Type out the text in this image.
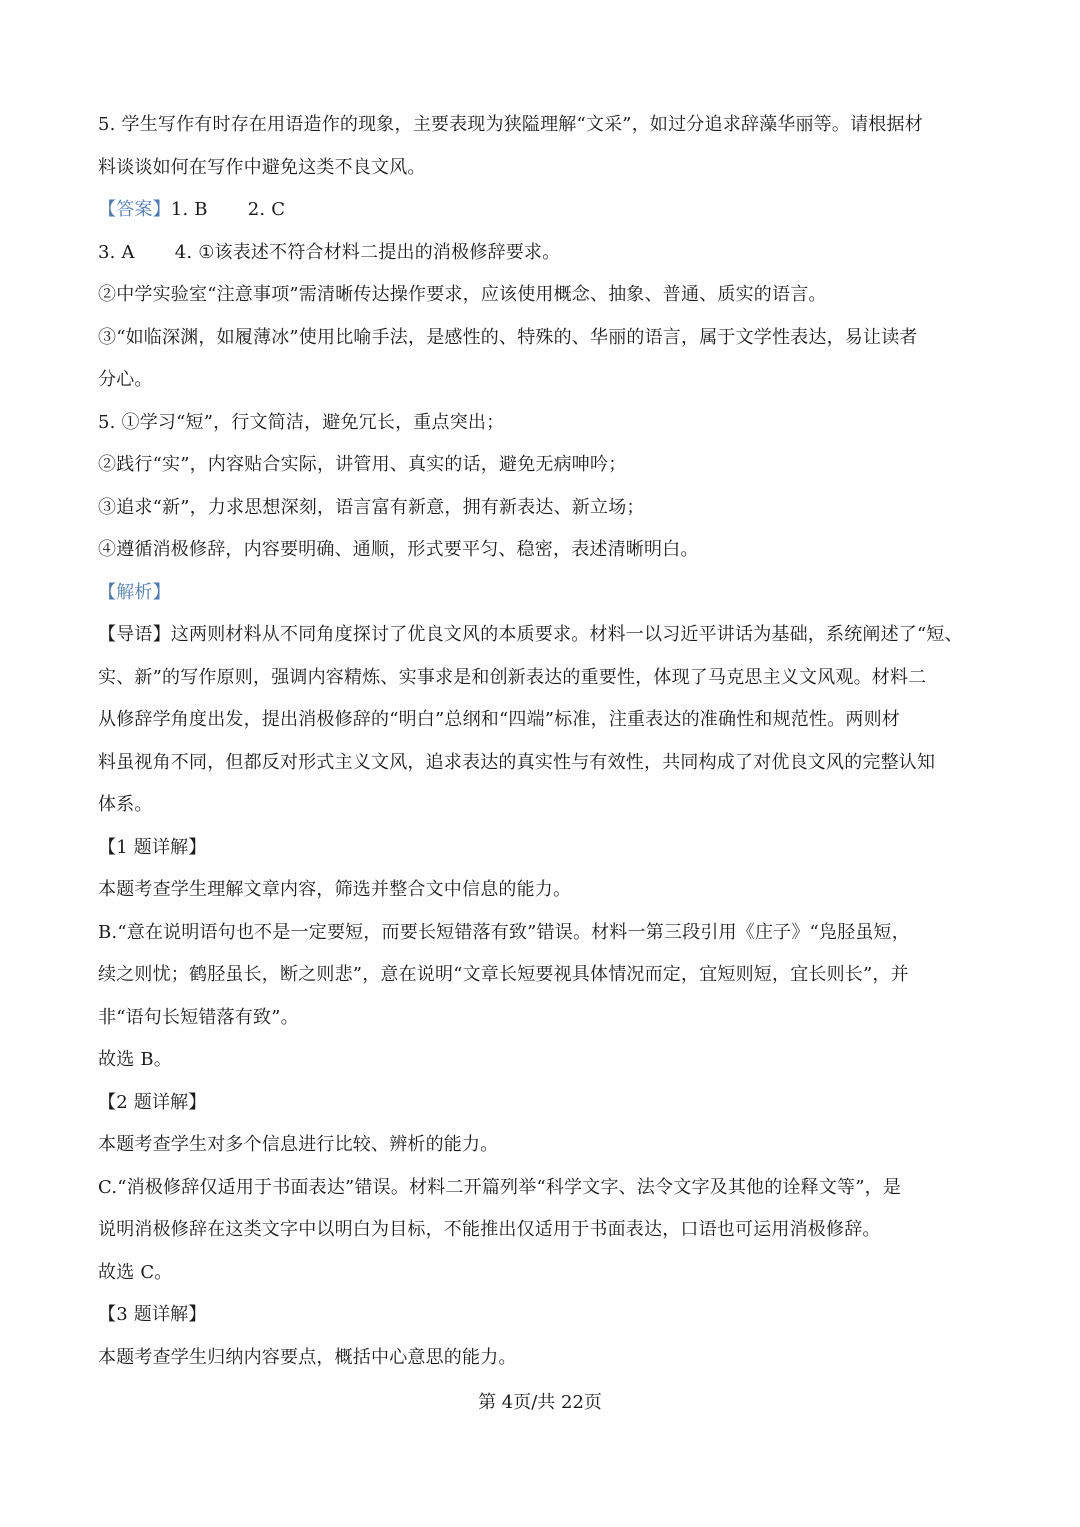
5. 学生写作有时存在用语造作的现象，主要表现为狭隘理解“文采”，如过分追求辞藻华丽等。请根据材
料谈谈如何在写作中避免这类不良文风。
【答案】1. B 2. C
3. A 4. ①该表述不符合材料二提出的消极修辞要求。
②中学实验室“注意事项”需清晰传达操作要求，应该使用概念、抽象、普通、质实的语言。
③“如临深渊，如履薄冰”使用比喻手法，是感性的、特殊的、华丽的语言，属于文学性表达，易让读者
分心。
5. ①学习“短”，行文简洁，避免冗长，重点突出；
②践行“实”，内容贴合实际，讲管用、真实的话，避免无病呻吟；
③追求“新”，力求思想深刻，语言富有新意，拥有新表达、新立场；
④遵循消极修辞，内容要明确、通顺，形式要平匀、稳密，表述清晰明白。
【解析】
【导语】这两则材料从不同角度探讨了优良文风的本质要求。材料一以习近平讲话为基础，系统阐述了“短、
实、新”的写作原则，强调内容精炼、实事求是和创新表达的重要性，体现了马克思主义文风观。材料二
从修辞学角度出发，提出消极修辞的“明白”总纲和“四端”标准，注重表达的准确性和规范性。两则材
料虽视角不同，但都反对形式主义文风，追求表达的真实性与有效性，共同构成了对优良文风的完整认知
体系。
【1 题详解】
本题考查学生理解文章内容，筛选并整合文中信息的能力。
B.“意在说明语句也不是一定要短，而要长短错落有致”错误。材料一第三段引用《庄子》“凫胫虽短，
续之则忧；鹤胫虽长，断之则悲”，意在说明“文章长短要视具体情况而定，宜短则短，宜长则长”，并
非“语句长短错落有致”。
故选 B。
【2 题详解】
本题考查学生对多个信息进行比较、辨析的能力。
C.“消极修辞仅适用于书面表达”错误。材料二开篇列举“科学文字、法令文字及其他的诠释文等”，是
说明消极修辞在这类文字中以明白为目标，不能推出仅适用于书面表达，口语也可运用消极修辞。
故选 C。
【3 题详解】
本题考查学生归纳内容要点，概括中心意思的能力。
第 4页/共 22页
